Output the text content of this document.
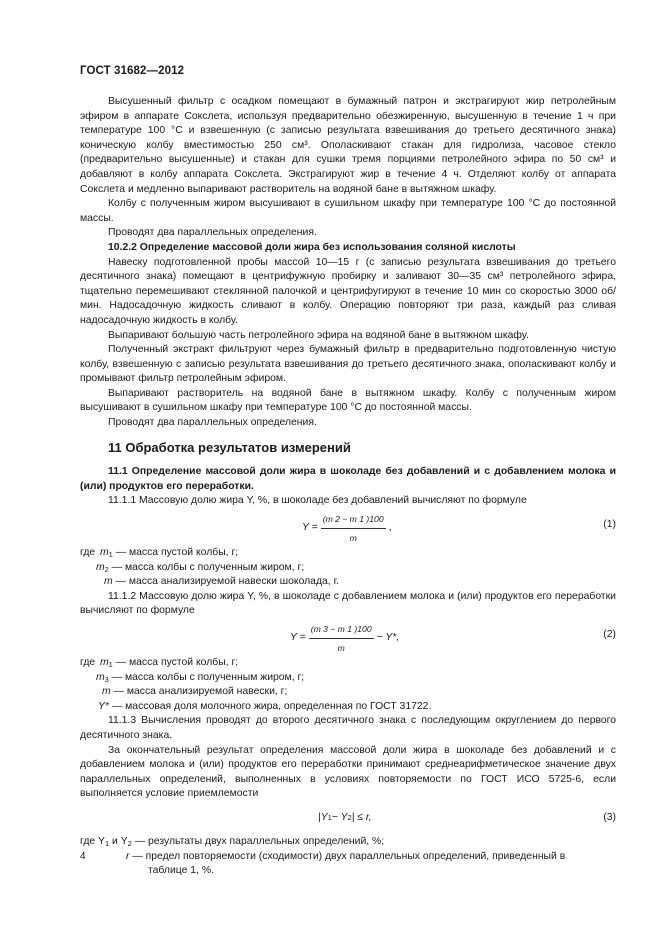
ГОСТ 31682—2012

Высушенный фильтр с осадком помещают в бумажный патрон и экстрагируют жир петролейным эфиром в аппарате Сокслета, используя предварительно обезжиренную, высушенную в течение 1 ч при температуре 100 °С и взвешенную (с записью результата взвешивания до третьего десятичного знака) коническую колбу вместимостью 250 см³. Ополаскивают стакан для гидролиза, часовое стекло (предварительно высушенные) и стакан для сушки тремя порциями петролейного эфира по 50 см³ и добавляют в колбу аппарата Сокслета. Экстрагируют жир в течение 4 ч. Отделяют колбу от аппарата Сокслета и медленно выпаривают растворитель на водяной бане в вытяжном шкафу.

Колбу с полученным жиром высушивают в сушильном шкафу при температуре 100 °С до постоянной массы.

Проводят два параллельных определения.

10.2.2 Определение массовой доли жира без использования соляной кислоты

Навеску подготовленной пробы массой 10—15 г (с записью результата взвешивания до третьего десятичного знака) помещают в центрифужную пробирку и заливают 30—35 см³ петролейного эфира, тщательно перемешивают стеклянной палочкой и центрифугируют в течение 10 мин со скоростью 3000 об/мин. Надосадочную жидкость сливают в колбу. Операцию повторяют три раза, каждый раз сливая надосадочную жидкость в колбу.

Выпаривают большую часть петролейного эфира на водяной бане в вытяжном шкафу.

Полученный экстракт фильтруют через бумажный фильтр в предварительно подготовленную чистую колбу, взвешенную с записью результата взвешивания до третьего десятичного знака, ополаскивают колбу и промывают фильтр петролейным эфиром.

Выпаривают растворитель на водяной бане в вытяжном шкафу. Колбу с полученным жиром высушивают в сушильном шкафу при температуре 100 °С до постоянной массы.

Проводят два параллельных определения.

11 Обработка результатов измерений

11.1 Определение массовой доли жира в шоколаде без добавлений и с добавлением молока и (или) продуктов его переработки.

11.1.1 Массовую долю жира Y, %, в шоколаде без добавлений вычисляют по формуле

$Y = \frac{(m 2 - m 1 )100}{m}$ ,	(1)
где $m_1$ — масса пустой колбы, г;
$m_2$ — масса колбы с полученным жиром, г;
m — масса анализируемой навески шоколада, г.

11.1.2 Массовую долю жира Y, %, в шоколаде с добавлением молока и (или) продуктов его переработки вычисляют по формуле

$Y = \frac{(m 3 - m 1 )100}{m} - Y*$,	(2)
где $m_1$ — масса пустой колбы, г;
$m_3$ — масса колбы с полученным жиром, г;
m — масса анализируемой навески, г;
Y* — массовая доля молочного жира, определенная по ГОСТ 31722.

11.1.3 Вычисления проводят до второго десятичного знака с последующим округлением до первого десятичного знака.

За окончательный результат определения массовой доли жира в шоколаде без добавлений и с добавлением молока и (или) продуктов его переработки принимают среднеарифметическое значение двух параллельных определений, выполненных в условиях повторяемости по ГОСТ ИСО 5725-6, если выполняется условие приемлемости

|Y 1 − Y 2 | ≤ r,	(3)
где $Y_1$ и $Y_2$ — результаты двух параллельных определений, %;
r — предел повторяемости (сходимости) двух параллельных определений, приведенный в
таблице 1, %.
4
